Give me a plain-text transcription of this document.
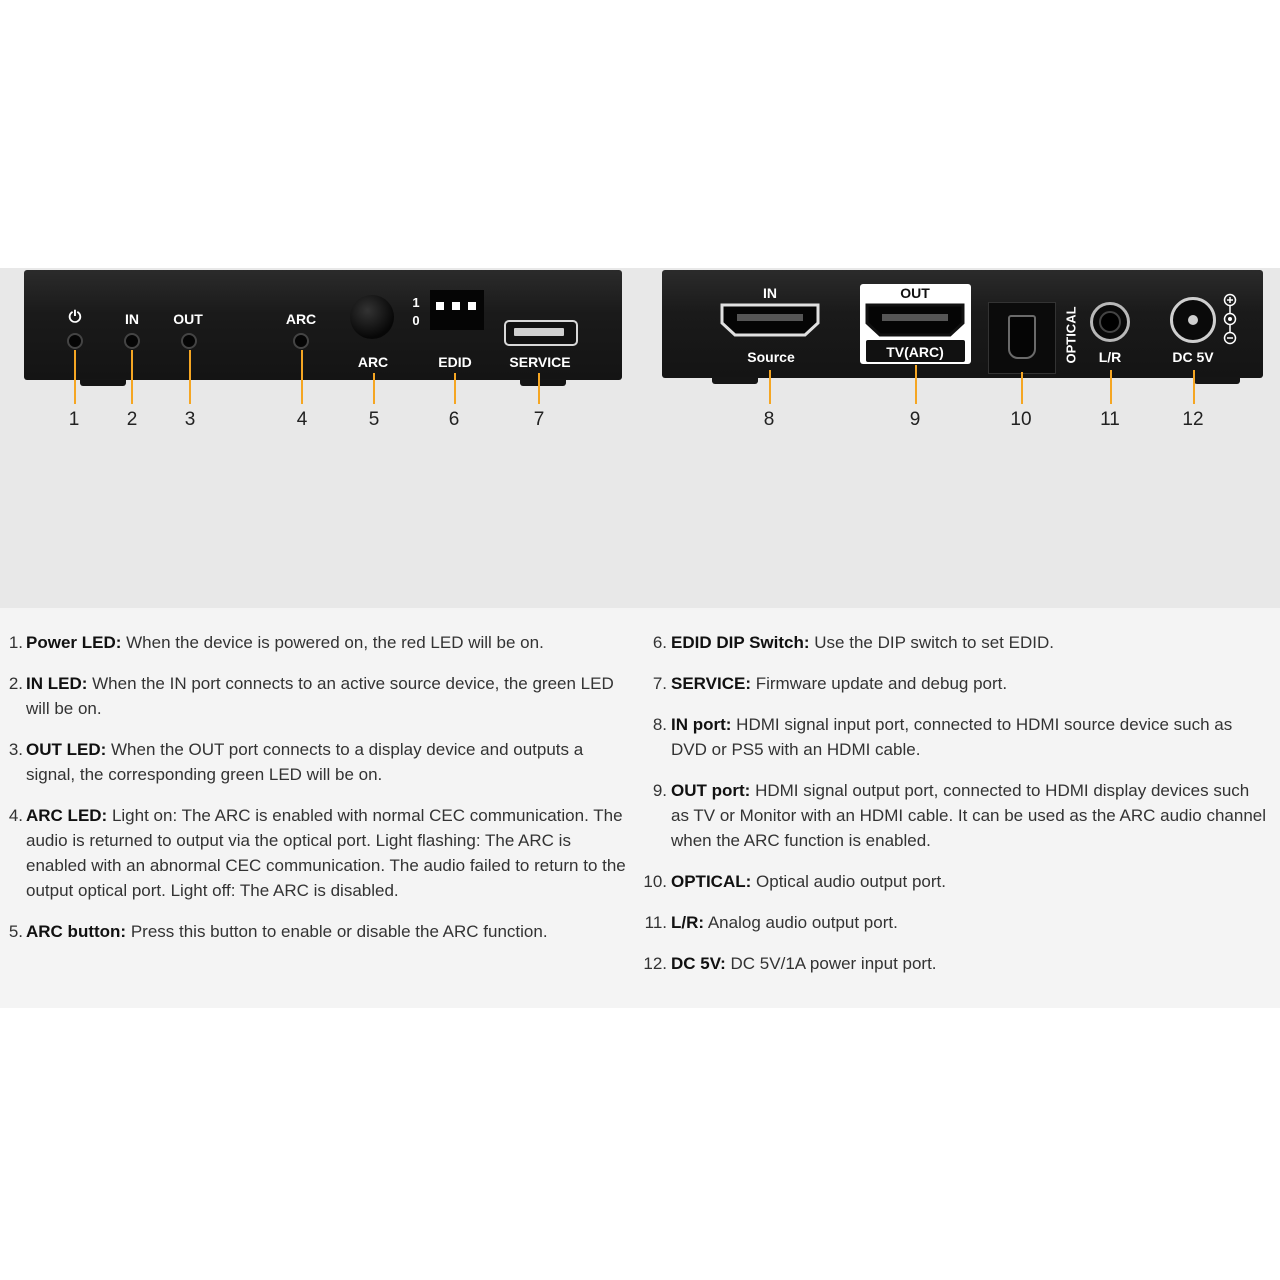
⏻	IN OUT	ARC
ARC
1
0
EDID	SERVICE
IN
Source
OUT
TV(ARC)	OPTICAL L/R	DC 5V
1 2 3	4	5	6	7	8	9	10	11	12
1. Power LED: When the device is powered on, the red LED will be on.
2. IN LED: When the IN port connects to an active source device, the green LED will be on.
3. OUT LED: When the OUT port connects to a display device and outputs a signal, the corresponding green LED will be on.
4. ARC LED: Light on: The ARC is enabled with normal CEC communication. The audio is returned to output via the optical port. Light flashing: The ARC is enabled with an abnormal CEC communication. The audio failed to return to the output optical port. Light off: The ARC is disabled.
5. ARC button: Press this button to enable or disable the ARC function.
6. EDID DIP Switch: Use the DIP switch to set EDID.
7. SERVICE: Firmware update and debug port.
8. IN port: HDMI signal input port, connected to HDMI source device such as DVD or PS5 with an HDMI cable.
9. OUT port: HDMI signal output port, connected to HDMI display devices such as TV or Monitor with an HDMI cable. It can be used as the ARC audio channel when the ARC function is enabled.
10. OPTICAL: Optical audio output port.
11. L/R: Analog audio output port.
12. DC 5V: DC 5V/1A power input port.
